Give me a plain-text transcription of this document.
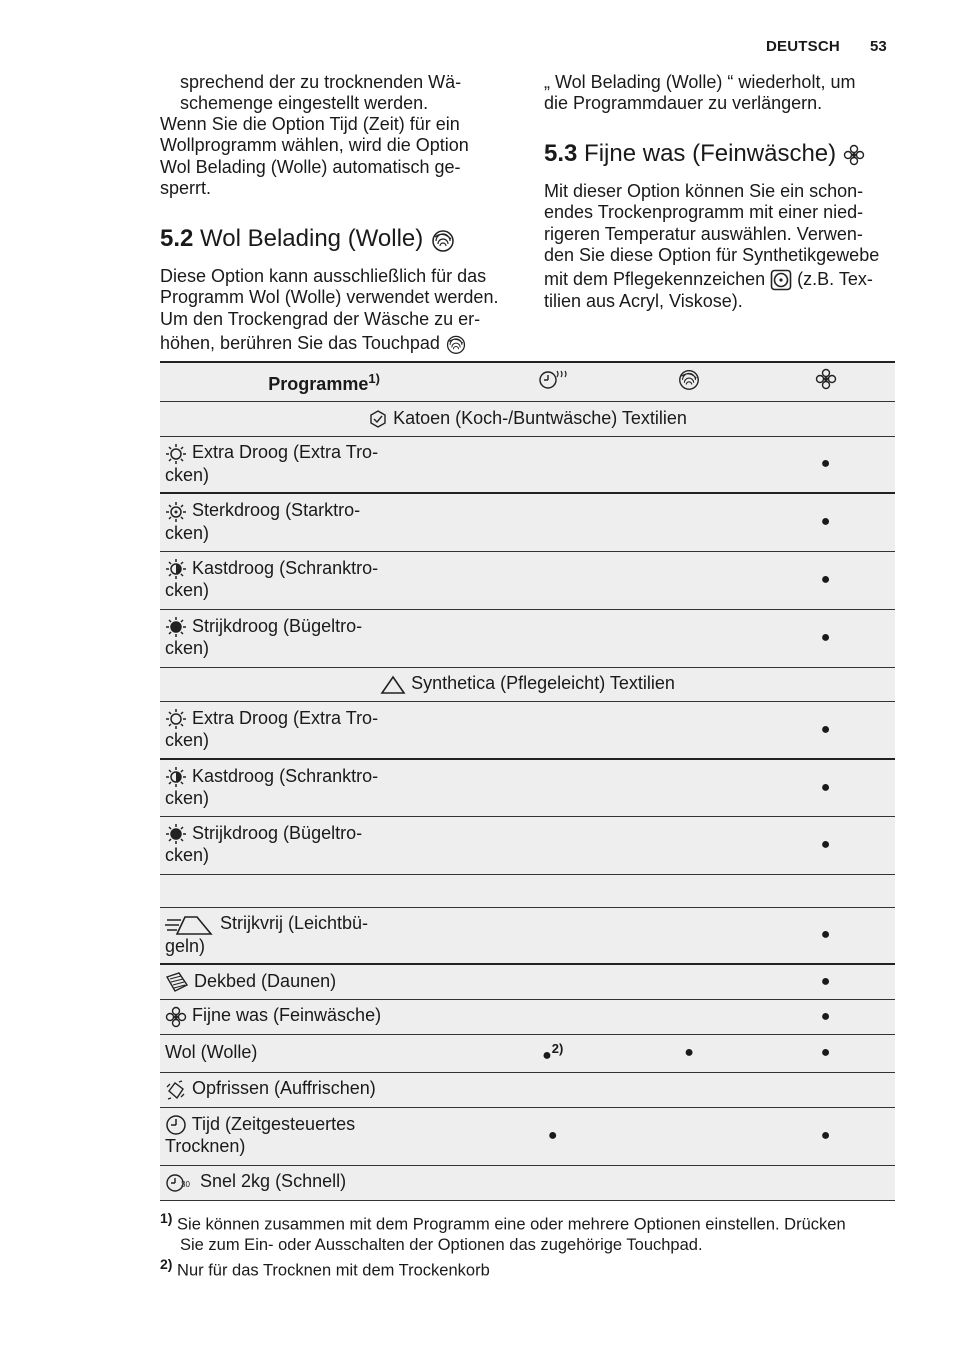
DEUTSCH 53

sprechend der zu trocknenden Wä-

schemenge eingestellt werden.

Wenn Sie die Option Tijd (Zeit) für ein

Wollprogramm wählen, wird die Option

Wol Belading (Wolle) automatisch ge-

sperrt.

5.2 Wol Belading (Wolle)

Diese Option kann ausschließlich für das

Programm Wol (Wolle) verwendet werden.

Um den Trockengrad der Wäsche zu er-

höhen, berühren Sie das Touchpad

„ Wol Belading (Wolle) “ wiederholt, um

die Programmdauer zu verlängern.

5.3 Fijne was (Feinwäsche)

Mit dieser Option können Sie ein schon-

endes Trockenprogramm mit einer nied-

rigeren Temperatur auswählen. Verwen-

den Sie diese Option für Synthetikgewebe

mit dem Pflegekennzeichen (z.B. Tex-

tilien aus Acryl, Viskose).

Programme$^{1)}$			
Katoen (Koch-/Buntwäsche) Textilien			
Extra Droog (Extra Tro-
cken)			●
Sterkdroog (Starktro-
cken)			●
Kastdroog (Schranktro-
cken)			●
Strijkdroog (Bügeltro-
cken)			●
Synthetica (Pflegeleicht) Textilien			
Extra Droog (Extra Tro-
cken)			●
Kastdroog (Schranktro-
cken)			●
Strijkdroog (Bügeltro-
cken)			●

Strijkvrij (Leichtbü-
geln)			●
Dekbed (Daunen)			●
Fijne was (Feinwäsche)			●
Wol (Wolle)	●$^{2)}$	●	●
Opfrissen (Auffrischen)			
Tijd (Zeitgesteuertes
Trocknen)	●		●

30 Snel 2kg (Schnell)			
$^{1)}$ Sie können zusammen mit dem Programm eine oder mehrere Optionen einstellen. Drücken
Sie zum Ein- oder Ausschalten der Optionen das zugehörige Touchpad.
$^{2)}$ Nur für das Trocknen mit dem Trockenkorb
